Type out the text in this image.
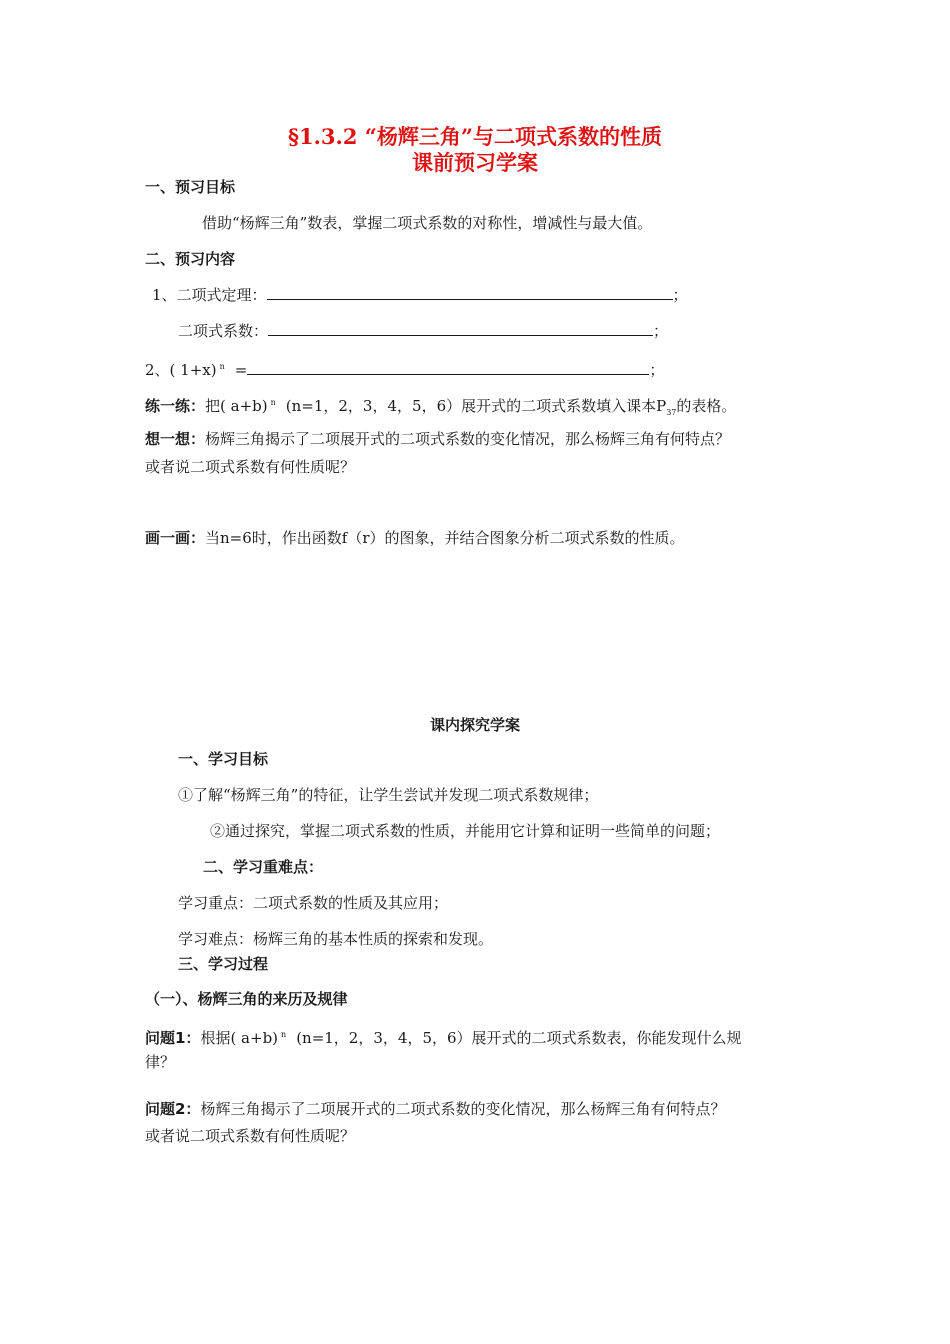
§1.3.2 “杨辉三角”与二项式系数的性质
课前预习学案
一、预习目标
借助“杨辉三角”数表，掌握二项式系数的对称性，增减性与最大值。
二、预习内容
1、二项式定理：	；
二项式系数：	；
2、( 1+x) $^n$ =	；
练一练：把( a+b) $^n$ (n=1，2，3，4，5，6）展开式的二项式系数填入课本$P_{37}$的表格。
想一想：杨辉三角揭示了二项展开式的二项式系数的变化情况，那么杨辉三角有何特点？
或者说二项式系数有何性质呢？
画一画：当n=6时，作出函数f（r）的图象，并结合图象分析二项式系数的性质。
课内探究学案
一、学习目标
①了解“杨辉三角”的特征，让学生尝试并发现二项式系数规律；
②通过探究，掌握二项式系数的性质，并能用它计算和证明一些简单的问题；
二、学习重难点：
学习重点：二项式系数的性质及其应用；
学习难点：杨辉三角的基本性质的探索和发现。
三、学习过程
（一）、杨辉三角的来历及规律
问题1：根据( a+b) $^n$ (n=1，2，3，4，5，6）展开式的二项式系数表，你能发现什么规
律？
问题2：杨辉三角揭示了二项展开式的二项式系数的变化情况，那么杨辉三角有何特点？
或者说二项式系数有何性质呢？
